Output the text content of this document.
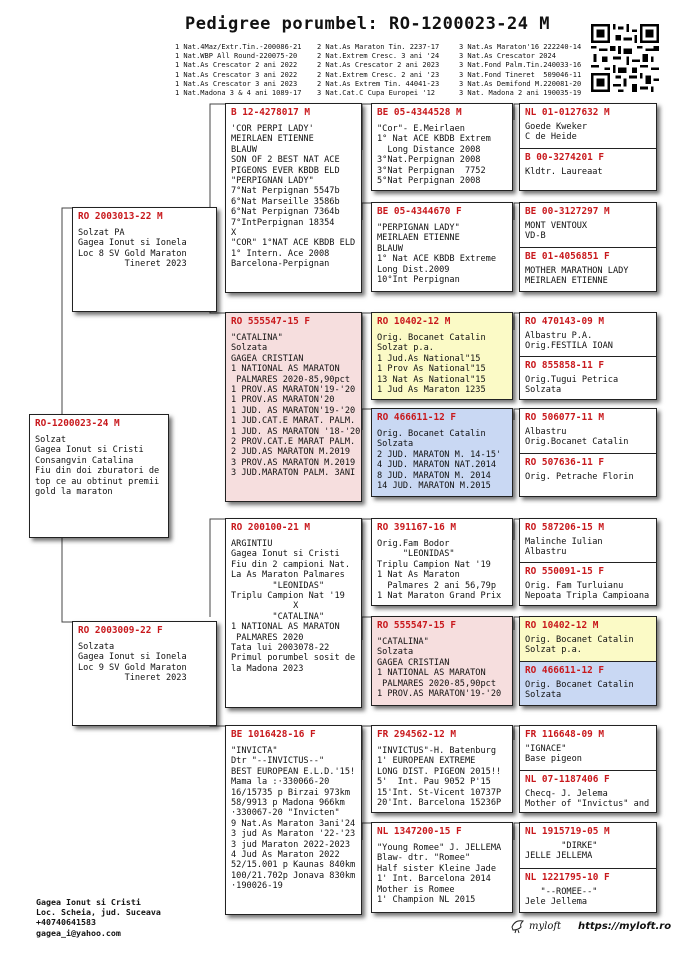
Pedigree porumbel: RO-1200023-24 M
1 Nat.4Maz/Extr.Tin.-200086-21
1 Nat.WBP All Round-220075-20
1 Nat.As Crescator 2 ani 2022
1 Nat.As Crescator 3 ani 2022
1 Nat.As Crescator 3 ani 2023
1 Nat.Madona 3 & 4 ani 1089-17
2 Nat.As Maraton Tin. 2237-17
2 Nat.Extrem Cresc. 3 ani '24
2 Nat.As Crescator 2 ani 2023
2 Nat.Extrem Cresc. 2 ani '23
2 Nat.As Extrem Tin. 44041-23
3 Nat.Cat.C Cupa Europei '12
3 Nat.As Maraton'16 222240-14
3 Nat.As Crescator 2024
3 Nat.Fond Palm.Tin.240033-16
3 Nat.Fond Tineret  509046-11
3 Nat.As Demifond M.220081-20
3 Nat. Madona 2 ani 190035-19
RO-1200023-24 M
Solzat
Gagea Ionut si Cristi
Consangvin Catalina
Fiu din doi zburatori de
top ce au obtinut premii
gold la maraton
RO 2003013-22 M
Solzat PA
Gagea Ionut si Ionela
Loc 8 SV Gold Maraton
Tineret 2023
RO 2003009-22 F
Solzata
Gagea Ionut si Ionela
Loc 9 SV Gold Maraton
Tineret 2023
B 12-4278017 M
'COR PERPI LADY'
MEIRLAEN ETIENNE
BLAUW
SON OF 2 BEST NAT ACE
PIGEONS EVER KBDB ELD
"PERPIGNAN LADY"
7°Nat Perpignan 5547b
6°Nat Marseille 3586b
6°Nat Perpignan 7364b
7°IntPerpignan 18354
X
"COR" 1°NAT ACE KBDB ELD
1° Intern. Ace 2008
Barcelona-Perpignan
RO 555547-15 F
"CATALINA"
Solzata
GAGEA CRISTIAN
1 NATIONAL AS MARATON
PALMARES 2020-85,90pct
1 PROV.AS MARATON'19-'20
1 PROV.AS MARATON'20
1 JUD. AS MARATON'19-'20
1 JUD.CAT.E MARAT. PALM.
1 JUD. AS MARATON '18-'20
2 PROV.CAT.E MARAT PALM.
2 JUD.AS MARATON M.2019
3 PROV.AS MARATON M.2019
3 JUD.MARATON PALM. 3ANI
RO 200100-21 M
ARGINTIU
Gagea Ionut si Cristi
Fiu din 2 campioni Nat.
La As Maraton Palmares
"LEONIDAS"
Triplu Campion Nat '19
X
"CATALINA"
1 NATIONAL AS MARATON
PALMARES 2020
Tata lui 2003078-22
Primul porumbel sosit de
la Madona 2023
BE 1016428-16 F
"INVICTA"
Dtr "--INVICTUS--"
BEST EUROPEAN E.L.D.'15!
Mama la :·330066-20
16/15735 p Birzai 973km
58/9913 p Madona 966km
·330067-20 "Invicten"
9 Nat.As Maraton 3ani'24
3 jud As Maraton '22-'23
3 jud Maraton 2022-2023
4 Jud As Maraton 2022
52/15.001 p Kaunas 840km
100/21.702p Jonava 830km
·190026-19
BE 05-4344528 M
"Cor"- E.Meirlaen
1° Nat ACE KBDB Extrem
Long Distance 2008
3°Nat.Perpignan 2008
3°Nat Perpignan  7752
5°Nat Perpignan 2008
BE 05-4344670 F
"PERPIGNAN LADY"
MEIRLAEN ETIENNE
BLAUW
1° Nat ACE KBDB Extreme
Long Dist.2009
10°Int Perpignan
RO 10402-12 M
Orig. Bocanet Catalin
Solzat p.a.
1 Jud.As National"15
1 Prov As National"15
13 Nat As National"15
1 Jud As Maraton 1235
RO 466611-12 F
Orig. Bocanet Catalin
Solzata
2 JUD. MARATON M. 14-15'
4 JUD. MARATON NAT.2014
8 JUD. MARATON M. 2014
14 JUD. MARATON M.2015
RO 391167-16 M
Orig.Fam Bodor
"LEONIDAS"
Triplu Campion Nat '19
1 Nat As Maraton
Palmares 2 ani 56,79p
1 Nat Maraton Grand Prix
RO 555547-15 F
"CATALINA"
Solzata
GAGEA CRISTIAN
1 NATIONAL AS MARATON
PALMARES 2020-85,90pct
1 PROV.AS MARATON'19-'20
FR 294562-12 M
"INVICTUS"-H. Batenburg
1' EUROPEAN EXTREME
LONG DIST. PIGEON 2015!!
5'  Int. Pau 9052 P'15
15'Int. St-Vicent 10737P
20'Int. Barcelona 15236P
NL 1347200-15 F
"Young Romee" J. JELLEMA
Blaw- dtr. "Romee"
Half sister Kleine Jade
1' Int. Barcelona 2014
Mother is Romee
1' Champion NL 2015
NL 01-0127632 M
Goede Kweker
C de Heide
B 00-3274201 F
Kldtr. Laureaat
BE 00-3127297 M
MONT VENTOUX
VD-B
BE 01-4056851 F
MOTHER MARATHON LADY
MEIRLAEN ETIENNE
RO 470143-09 M
Albastru P.A.
Orig.FESTILA IOAN
RO 855858-11 F
Orig.Tugui Petrica
Solzata
RO 506077-11 M
Albastru
Orig.Bocanet Catalin
RO 507636-11 F
Orig. Petrache Florin
RO 587206-15 M
Malinche Iulian
Albastru
RO 550091-15 F
Orig. Fam Turluianu
Nepoata Tripla Campioana
RO 10402-12 M
Orig. Bocanet Catalin
Solzat p.a.
RO 466611-12 F
Orig. Bocanet Catalin
Solzata
FR 116648-09 M
"IGNACE"
Base pigeon
NL 07-1187406 F
Checq- J. Jelema
Mother of "Invictus" and
NL 1915719-05 M
"DIRKE"
JELLE JELLEMA
NL 1221795-10 F
"--ROMEE--"
Jele Jellema
Gagea Ionut si Cristi
Loc. Scheia, jud. Suceava
+40740641583
gagea_i@yahoo.com
myloft https://myloft.ro
